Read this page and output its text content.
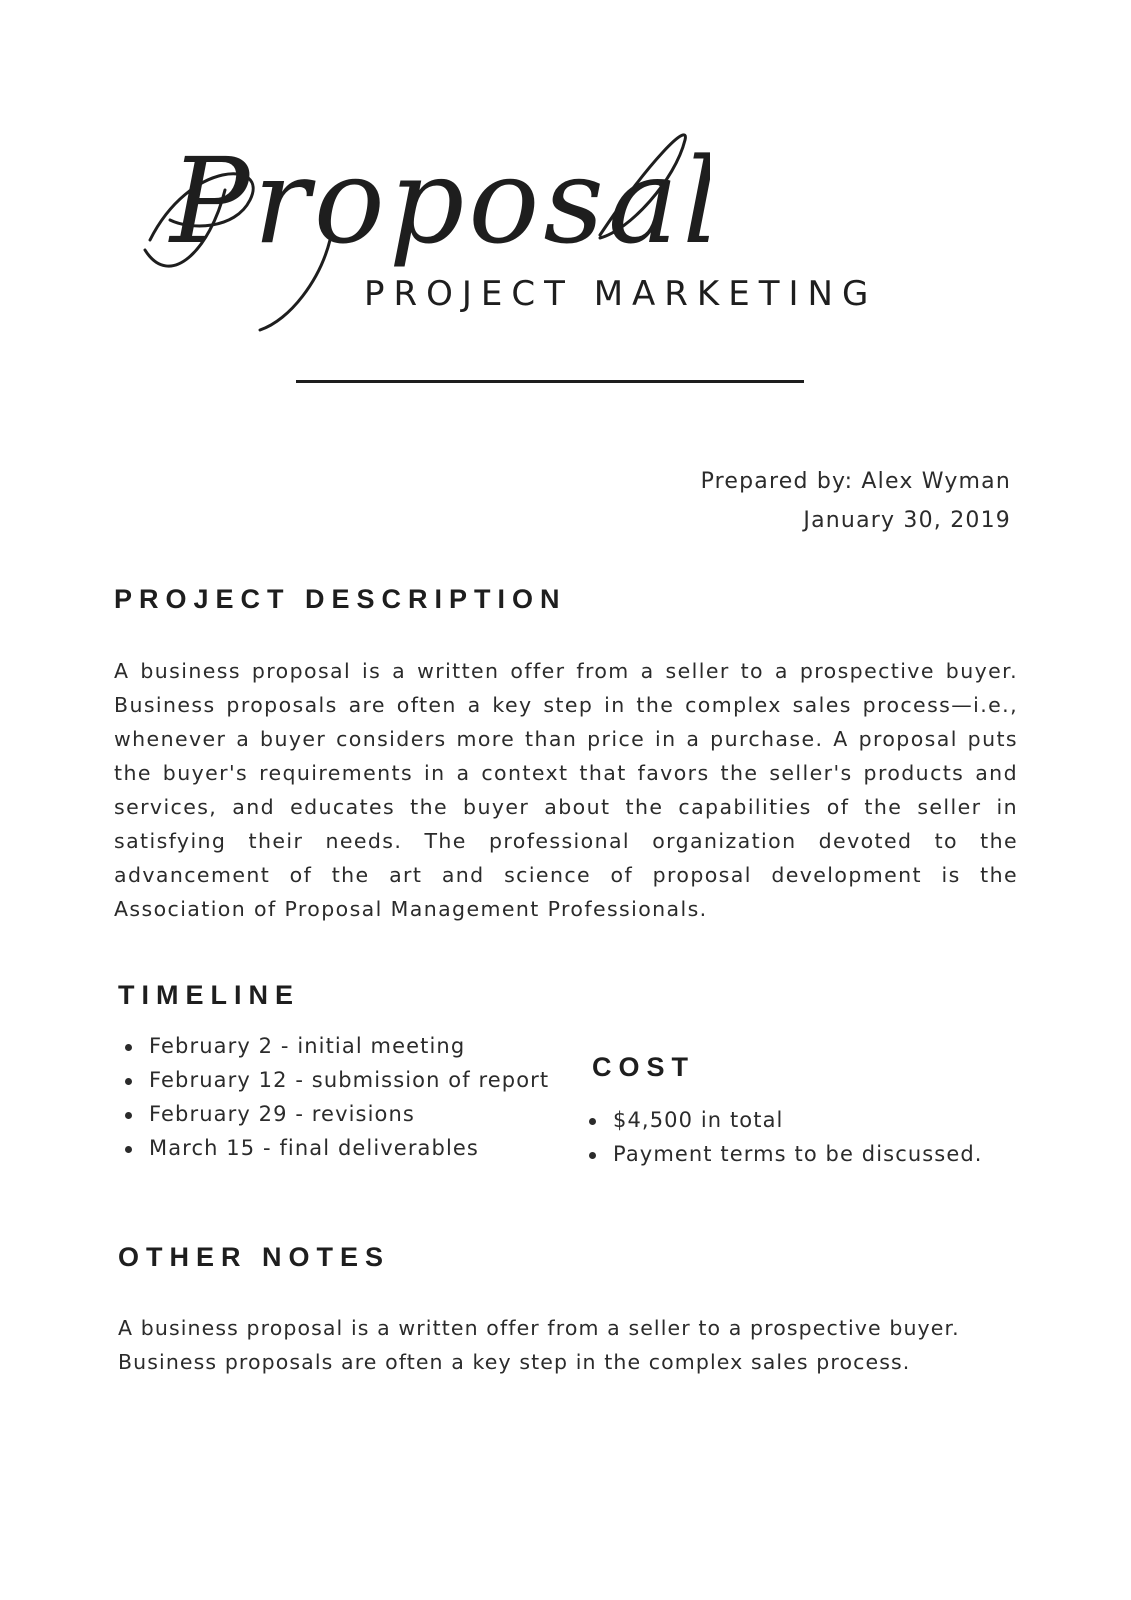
Proposal
PROJECT MARKETING
Prepared by: Alex Wyman
January 30, 2019
PROJECT DESCRIPTION
A business proposal is a written offer from a seller to a prospective buyer. Business proposals are often a key step in the complex sales process—i.e., whenever a buyer considers more than price in a purchase. A proposal puts the buyer's requirements in a context that favors the seller's products and services, and educates the buyer about the capabilities of the seller in satisfying their needs. The professional organization devoted to the advancement of the art and science of proposal development is the Association of Proposal Management Professionals.
TIMELINE
February 2 - initial meeting
February 12 - submission of report
February 29 - revisions
March 15 - final deliverables
COST
$4,500 in total
Payment terms to be discussed.
OTHER NOTES
A business proposal is a written offer from a seller to a prospective buyer.
Business proposals are often a key step in the complex sales process.
